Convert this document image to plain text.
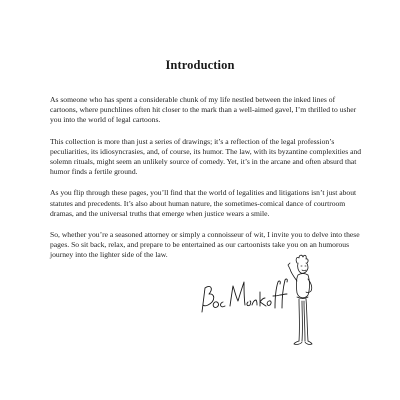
Introduction

As someone who has spent a considerable chunk of my life nestled between the inked lines of cartoons, where punchlines often hit closer to the mark than a well-aimed gavel, I’m thrilled to usher you into the world of legal cartoons.

This collection is more than just a series of drawings; it’s a reflection of the legal profession’s peculiarities, its idiosyncrasies, and, of course, its humor. The law, with its byzantine complexities and solemn rituals, might seem an unlikely source of comedy. Yet, it’s in the arcane and often absurd that humor finds a fertile ground.

As you flip through these pages, you’ll find that the world of legalities and litigations isn’t just about statutes and precedents. It’s also about human nature, the sometimes-comical dance of courtroom dramas, and the universal truths that emerge when justice wears a smile.

So, whether you’re a seasoned attorney or simply a connoisseur of wit, I invite you to delve into these pages. So sit back, relax, and prepare to be entertained as our cartoonists take you on an humorous journey into the lighter side of the law.
